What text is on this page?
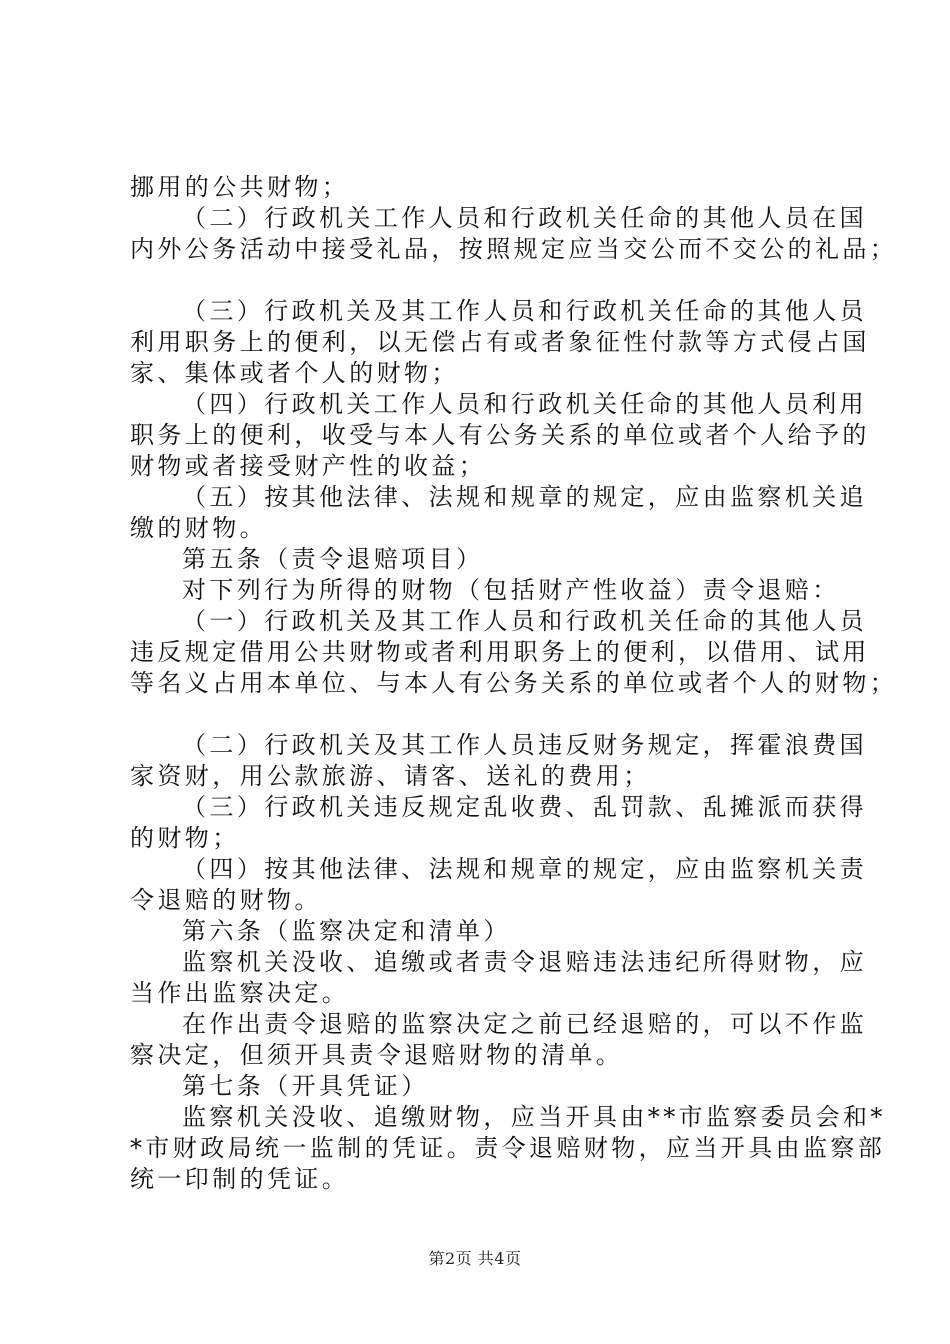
挪用的公共财物；
（二）行政机关工作人员和行政机关任命的其他人员在国
内外公务活动中接受礼品，按照规定应当交公而不交公的礼品；
（三）行政机关及其工作人员和行政机关任命的其他人员
利用职务上的便利，以无偿占有或者象征性付款等方式侵占国
家、集体或者个人的财物；
（四）行政机关工作人员和行政机关任命的其他人员利用
职务上的便利，收受与本人有公务关系的单位或者个人给予的
财物或者接受财产性的收益；
（五）按其他法律、法规和规章的规定，应由监察机关追
缴的财物。
第五条（责令退赔项目）
对下列行为所得的财物（包括财产性收益）责令退赔：
（一）行政机关及其工作人员和行政机关任命的其他人员
违反规定借用公共财物或者利用职务上的便利，以借用、试用
等名义占用本单位、与本人有公务关系的单位或者个人的财物；
（二）行政机关及其工作人员违反财务规定，挥霍浪费国
家资财，用公款旅游、请客、送礼的费用；
（三）行政机关违反规定乱收费、乱罚款、乱摊派而获得
的财物；
（四）按其他法律、法规和规章的规定，应由监察机关责
令退赔的财物。
第六条（监察决定和清单）
监察机关没收、追缴或者责令退赔违法违纪所得财物，应
当作出监察决定。
在作出责令退赔的监察决定之前已经退赔的，可以不作监
察决定，但须开具责令退赔财物的清单。
第七条（开具凭证）
监察机关没收、追缴财物，应当开具由**市监察委员会和*
*市财政局统一监制的凭证。责令退赔财物，应当开具由监察部
统一印制的凭证。
第2页 共4页
